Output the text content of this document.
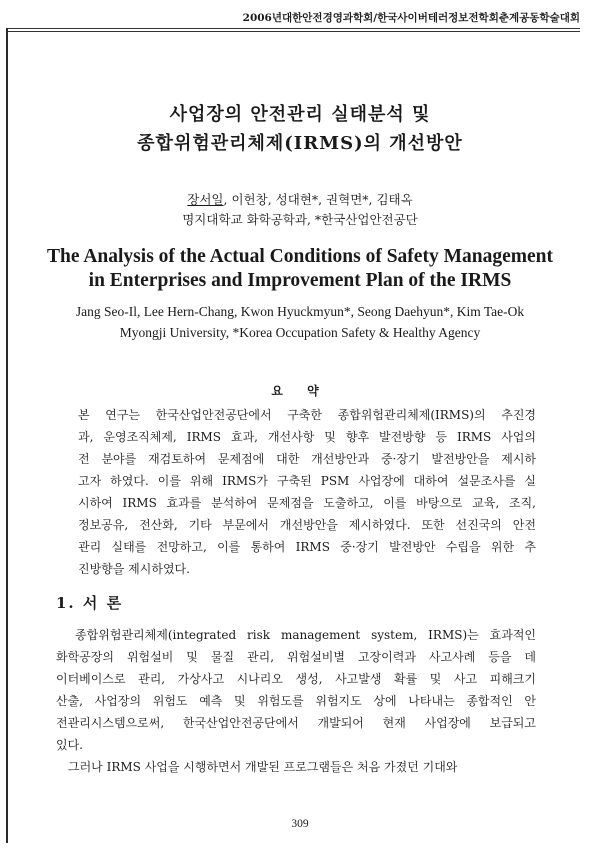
2006년대한안전경영과학회/한국사이버테러정보전학회춘계공동학술대회
사업장의 안전관리 실태분석 및
종합위험관리체제(IRMS)의 개선방안
장서일, 이헌창, 성대현*, 권혁면*, 김태옥
명지대학교 화학공학과, *한국산업안전공단
The Analysis of the Actual Conditions of Safety Management
in Enterprises and Improvement Plan of the IRMS
Jang Seo-Il, Lee Hern-Chang, Kwon Hyuckmyun*, Seong Daehyun*, Kim Tae-Ok
Myongji University, *Korea Occupation Safety & Healthy Agency
요 약
본 연구는 한국산업안전공단에서 구축한 종합위험관리체제(IRMS)의 추진경
과, 운영조직체제, IRMS 효과, 개선사항 및 향후 발전방향 등 IRMS 사업의
전 분야를 재검토하여 문제점에 대한 개선방안과 중·장기 발전방안을 제시하
고자 하였다. 이를 위해 IRMS가 구축된 PSM 사업장에 대하여 설문조사를 실
시하여 IRMS 효과를 분석하여 문제점을 도출하고, 이를 바탕으로 교육, 조직,
정보공유, 전산화, 기타 부문에서 개선방안을 제시하였다. 또한 선진국의 안전
관리 실태를 전망하고, 이를 통하여 IRMS 중·장기 발전방안 수립을 위한 추
진방향을 제시하였다.
1. 서 론
　종합위험관리체제(integrated risk management system, IRMS)는 효과적인
화학공장의 위험설비 및 물질 관리, 위험설비별 고장이력과 사고사례 등을 데
이터베이스로 관리, 가상사고 시나리오 생성, 사고발생 확률 및 사고 피해크기
산출, 사업장의 위험도 예측 및 위험도를 위험지도 상에 나타내는 종합적인 안
전관리시스템으로써, 한국산업안전공단에서 개발되어 현재 사업장에 보급되고
있다.
　그러나 IRMS 사업을 시행하면서 개발된 프로그램들은 처음 가졌던 기대와
309
